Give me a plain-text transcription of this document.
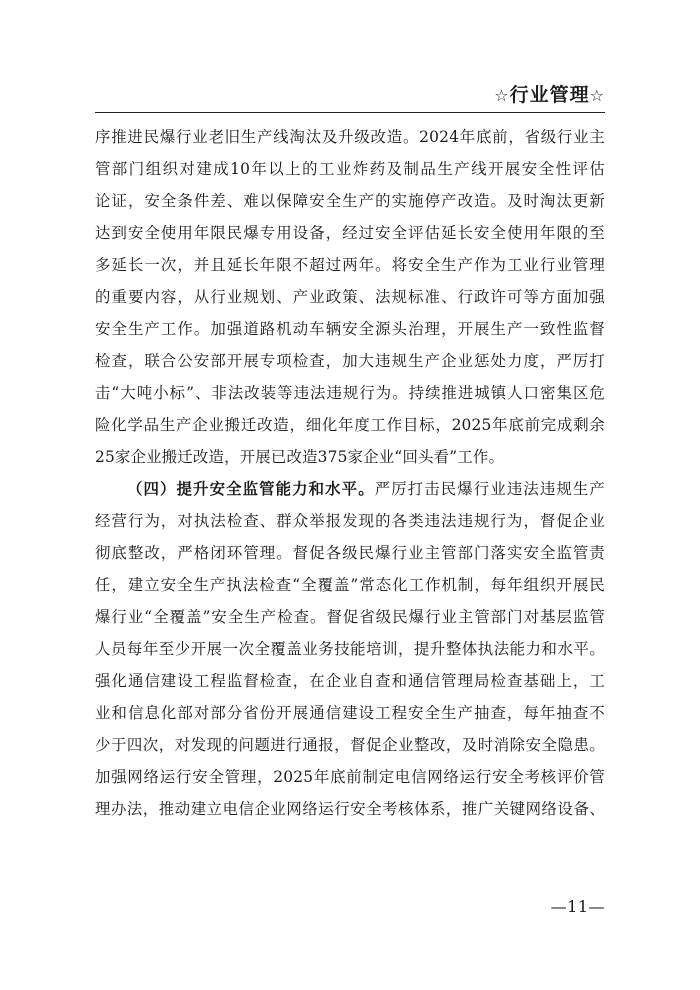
☆行业管理☆
序推进民爆行业老旧生产线淘汰及升级改造。2024年底前，省级行业主
管部门组织对建成10年以上的工业炸药及制品生产线开展安全性评估
论证，安全条件差、难以保障安全生产的实施停产改造。及时淘汰更新
达到安全使用年限民爆专用设备，经过安全评估延长安全使用年限的至
多延长一次，并且延长年限不超过两年。将安全生产作为工业行业管理
的重要内容，从行业规划、产业政策、法规标准、行政许可等方面加强
安全生产工作。加强道路机动车辆安全源头治理，开展生产一致性监督
检查，联合公安部开展专项检查，加大违规生产企业惩处力度，严厉打
击“大吨小标”、非法改装等违法违规行为。持续推进城镇人口密集区危
险化学品生产企业搬迁改造，细化年度工作目标，2025年底前完成剩余
25家企业搬迁改造，开展已改造375家企业“回头看”工作。
（四）提升安全监管能力和水平。严厉打击民爆行业违法违规生产
经营行为，对执法检查、群众举报发现的各类违法违规行为，督促企业
彻底整改，严格闭环管理。督促各级民爆行业主管部门落实安全监管责
任，建立安全生产执法检查“全覆盖”常态化工作机制，每年组织开展民
爆行业“全覆盖”安全生产检查。督促省级民爆行业主管部门对基层监管
人员每年至少开展一次全覆盖业务技能培训，提升整体执法能力和水平。
强化通信建设工程监督检查，在企业自查和通信管理局检查基础上，工
业和信息化部对部分省份开展通信建设工程安全生产抽查，每年抽查不
少于四次，对发现的问题进行通报，督促企业整改，及时消除安全隐患。
加强网络运行安全管理，2025年底前制定电信网络运行安全考核评价管
理办法，推动建立电信企业网络运行安全考核体系，推广关键网络设备、
—11—
